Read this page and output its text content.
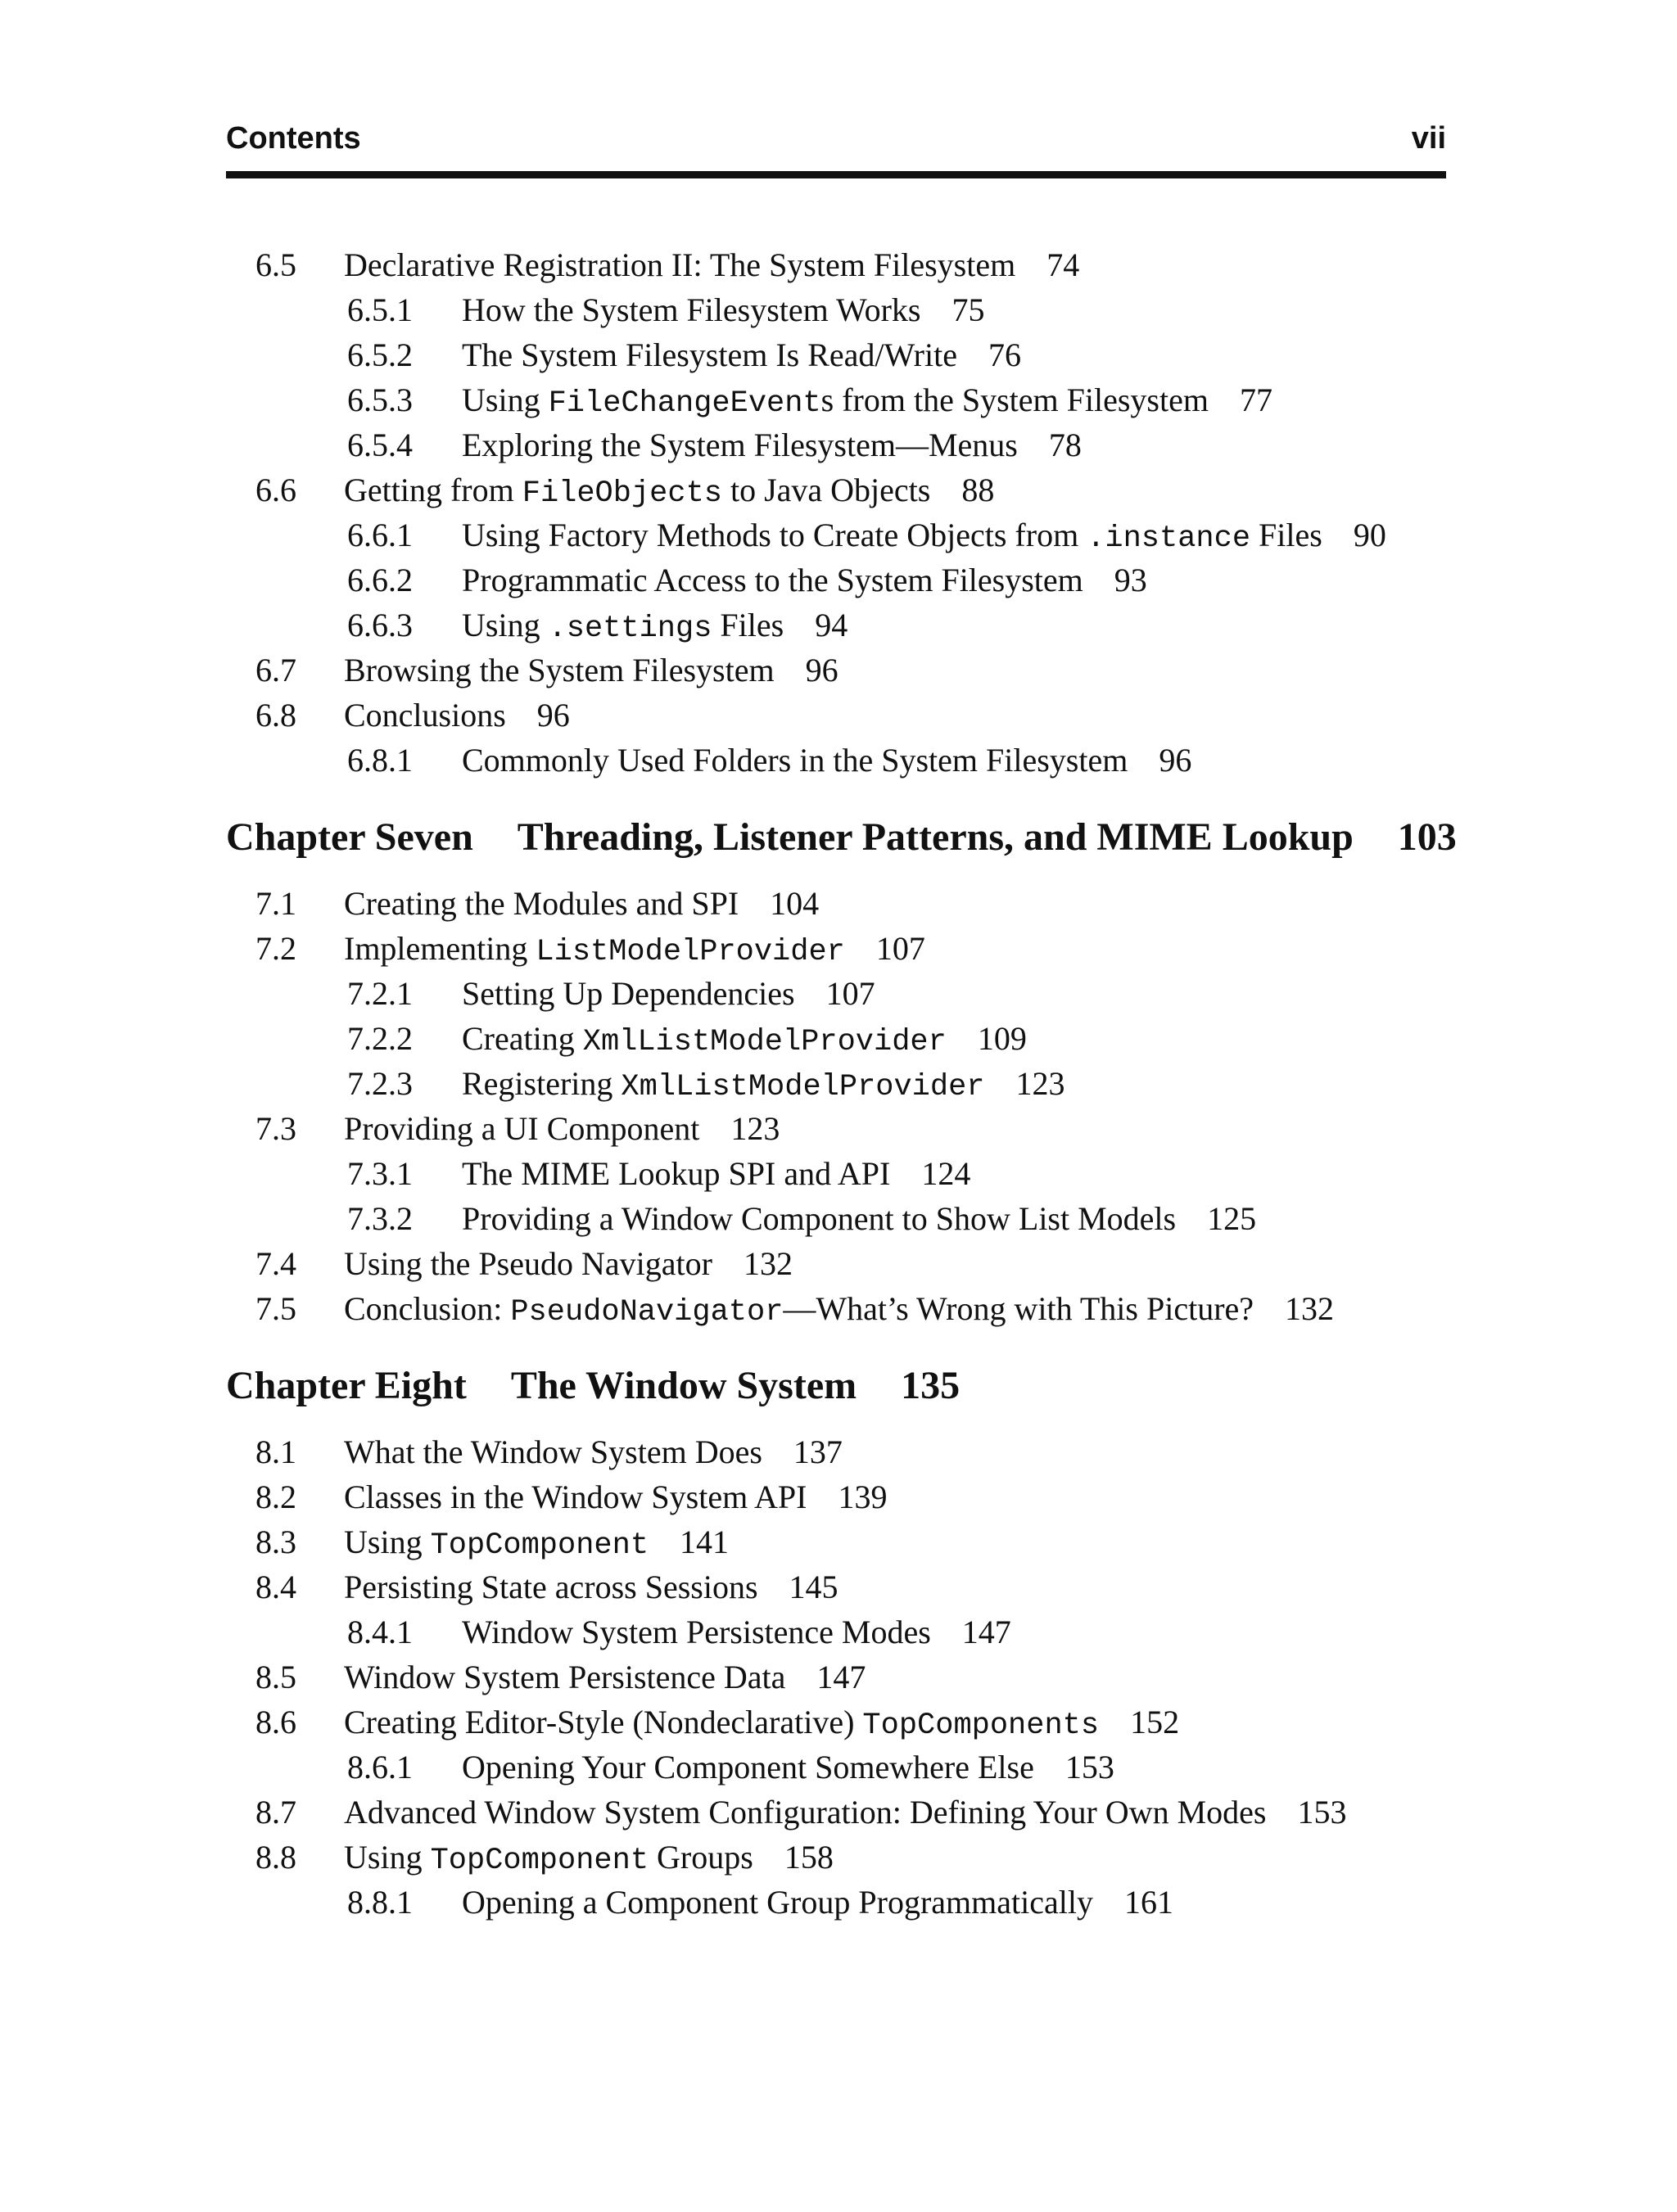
Contents	vii
6.5 Declarative Registration II: The System Filesystem 74
6.5.1 How the System Filesystem Works 75
6.5.2 The System Filesystem Is Read/Write 76
6.5.3 Using FileChangeEvents from the System Filesystem 77
6.5.4 Exploring the System Filesystem—Menus 78
6.6 Getting from FileObjects to Java Objects 88
6.6.1 Using Factory Methods to Create Objects from .instance Files 90
6.6.2 Programmatic Access to the System Filesystem 93
6.6.3 Using .settings Files 94
6.7 Browsing the System Filesystem 96
6.8 Conclusions 96
6.8.1 Commonly Used Folders in the System Filesystem 96
Chapter Seven Threading, Listener Patterns, and MIME Lookup 103
7.1 Creating the Modules and SPI 104
7.2 Implementing ListModelProvider 107
7.2.1 Setting Up Dependencies 107
7.2.2 Creating XmlListModelProvider 109
7.2.3 Registering XmlListModelProvider 123
7.3 Providing a UI Component 123
7.3.1 The MIME Lookup SPI and API 124
7.3.2 Providing a Window Component to Show List Models 125
7.4 Using the Pseudo Navigator 132
7.5 Conclusion: PseudoNavigator—What’s Wrong with This Picture? 132
Chapter Eight The Window System 135
8.1 What the Window System Does 137
8.2 Classes in the Window System API 139
8.3 Using TopComponent 141
8.4 Persisting State across Sessions 145
8.4.1 Window System Persistence Modes 147
8.5 Window System Persistence Data 147
8.6 Creating Editor-Style (Nondeclarative) TopComponents 152
8.6.1 Opening Your Component Somewhere Else 153
8.7 Advanced Window System Configuration: Defining Your Own Modes 153
8.8 Using TopComponent Groups 158
8.8.1 Opening a Component Group Programmatically 161
